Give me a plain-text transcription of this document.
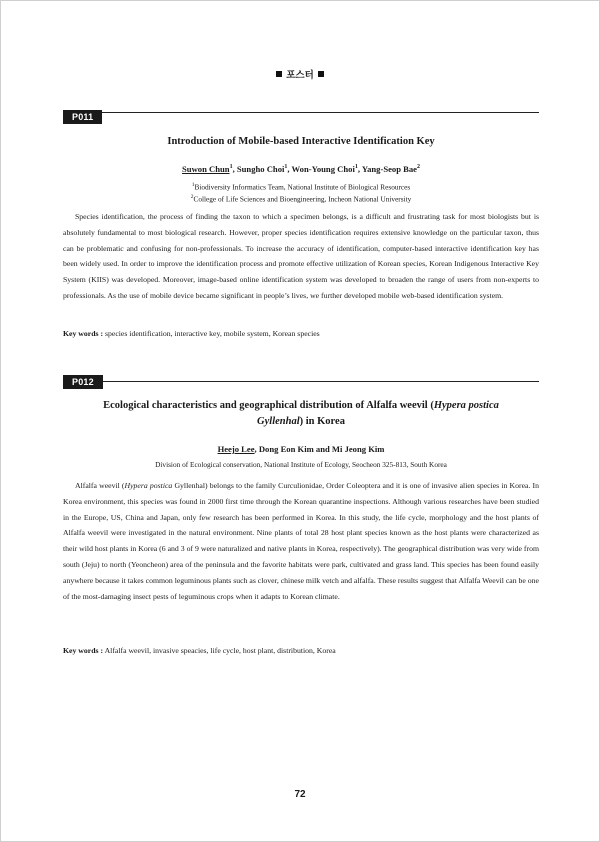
포스터
P011
Introduction of Mobile-based Interactive Identification Key
Suwon Chun$^1$, Sungho Choi$^1$, Won-Young Choi$^1$, Yang-Seop Bae$^2$
$^1$Biodiversity Informatics Team, National Institute of Biological Resources
$^2$College of Life Sciences and Bioengineering, Incheon National University

Species identification, the process of finding the taxon to which a specimen belongs, is a difficult and frustrating task for most biologists but is absolutely fundamental to most biological research. However, proper species identification requires extensive knowledge on the particular taxon, thus can be problematic and confusing for non-professionals. To increase the accuracy of identification, computer-based interactive identification key has been widely used. In order to improve the identification process and promote effective utilization of Korean species, Korean Indigenous Interactive Key System (KIIS) was developed. Moreover, image-based online identification system was developed to broaden the range of users from non-experts to professionals. As the use of mobile device became significant in people’s lives, we further developed mobile web-based identification system.

Key words : species identification, interactive key, mobile system, Korean species
P012
Ecological characteristics and geographical distribution of Alfalfa weevil (Hypera postica
Gyllenhal) in Korea
Heejo Lee, Dong Eon Kim and Mi Jeong Kim
Division of Ecological conservation, National Institute of Ecology, Seocheon 325-813, South Korea

Alfalfa weevil (Hypera postica Gyllenhal) belongs to the family Curculionidae, Order Coleoptera and it is one of invasive alien species in Korea. In Korea environment, this species was found in 2000 first time through the Korean quarantine inspections. Although various researches have been studied in the Europe, US, China and Japan, only few research has been performed in Korea. In this study, the life cycle, morphology and the host plants of Alfalfa weevil were investigated in the natural environment. Nine plants of total 28 host plant species known as the host plants were characterized as their wild host plants in Korea (6 and 3 of 9 were naturalized and native plants in Korea, respectively). The geographical distribution was very wide from south (Jeju) to north (Yeoncheon) area of the peninsula and the favorite habitats were park, cultivated and grass land. This species has been found easily anywhere because it takes common leguminous plants such as clover, chinese milk vetch and alfalfa. These results suggest that Alfalfa Weevil can be one of the most-damaging insect pests of leguminous crops when it adapts to Korean climate.

Key words : Alfalfa weevil, invasive speacies, life cycle, host plant, distribution, Korea
72
